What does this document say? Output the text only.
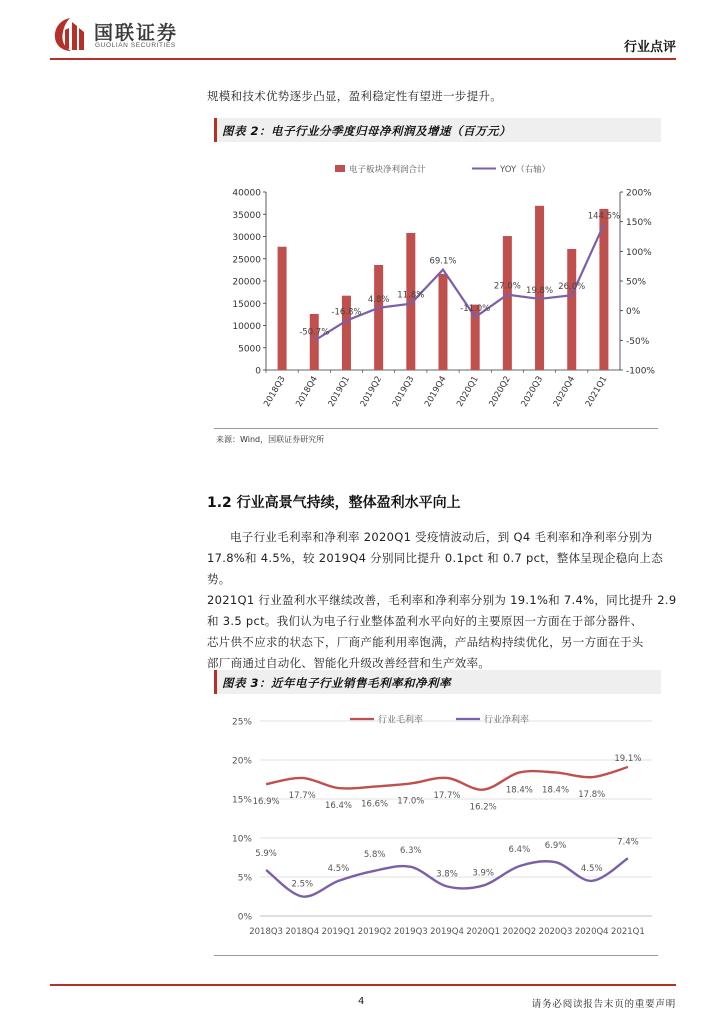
国联证券
GUOLIAN SECURITIES	行业点评
规模和技术优势逐步凸显，盈利稳定性有望进一步提升。
图表 2：电子行业分季度归母净利润及增速（百万元）
0
5000
10000
15000
20000
25000
30000
35000
40000
-100%
-50%
0%
50%
100%
150%
200%
电子板块净利润合计	YOY（右轴）
2018Q3 2018Q4 2019Q1 2019Q2 2019Q3 2019Q4 2020Q1 2020Q2 2020Q3 2020Q4 2021Q1
-50.7%
-16.8%
4.8% 11.8%
69.1%
-11.0%
27.0% 19.8% 26.0%
144.5%
来源：Wind，国联证券研究所
1.2 行业高景气持续，整体盈利水平向上
电子行业毛利率和净利率 2020Q1 受疫情波动后，到 Q4 毛利率和净利率分别为
17.8%和 4.5%，较 2019Q4 分别同比提升 0.1pct 和 0.7 pct，整体呈现企稳向上态势。
2021Q1 行业盈利水平继续改善，毛利率和净利率分别为 19.1%和 7.4%，同比提升 2.9
和 3.5 pct。我们认为电子行业整体盈利水平向好的主要原因一方面在于部分器件、
芯片供不应求的状态下，厂商产能利用率饱满，产品结构持续优化，另一方面在于头
部厂商通过自动化、智能化升级改善经营和生产效率。
图表 3：近年电子行业销售毛利率和净利率
0%
5%
10%
15%
20%
25%	行业毛利率	行业净利率
2018Q3 2018Q4 2019Q1 2019Q2 2019Q3 2019Q4 2020Q1 2020Q2 2020Q3 2020Q4 2021Q1
16.9%
17.7%
16.4% 16.6% 17.0%
17.7%
16.2%
18.4% 18.4% 17.8%
19.1%
5.9%
2.5%
4.5%
5.8% 6.3%
3.8% 3.9%
6.4% 6.9%
4.5%
7.4%
4	请务必阅读报告末页的重要声明
